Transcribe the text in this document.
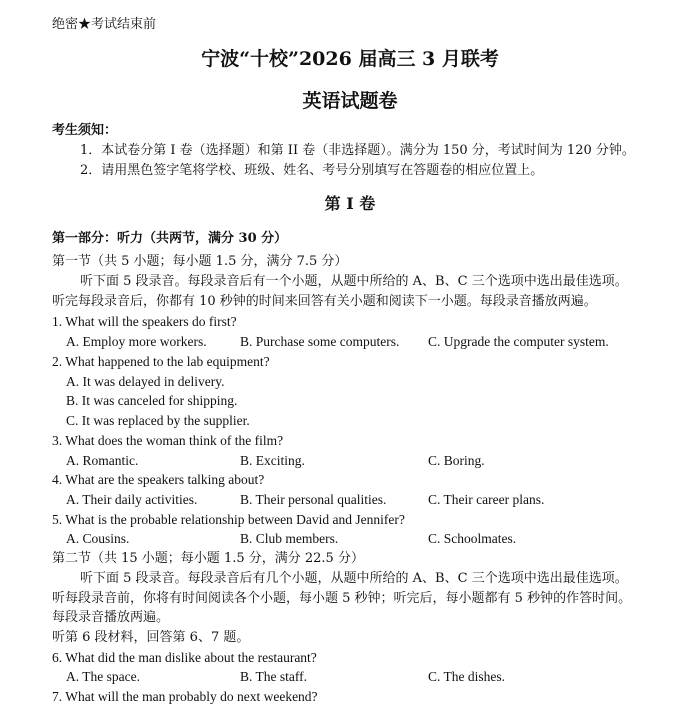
绝密★考试结束前
宁波“十校”2026 届高三 3 月联考
英语试题卷
考生须知：
1．本试卷分第 I 卷（选择题）和第 II 卷（非选择题）。满分为 150 分，考试时间为 120 分钟。
2．请用黑色签字笔将学校、班级、姓名、考号分别填写在答题卷的相应位置上。
第 I 卷
第一部分：听力（共两节，满分 30 分）
第一节（共 5 小题；每小题 1.5 分，满分 7.5 分）
听下面 5 段录音。每段录音后有一个小题，从题中所给的 A、B、C 三个选项中选出最佳选项。
听完每段录音后，你都有 10 秒钟的时间来回答有关小题和阅读下一小题。每段录音播放两遍。
1. What will the speakers do first?
A. Employ more workers. B. Purchase some computers. C. Upgrade the computer system.
2. What happened to the lab equipment?
A. It was delayed in delivery.
B. It was canceled for shipping.
C. It was replaced by the supplier.
3. What does the woman think of the film?
A. Romantic.	B. Exciting.	C. Boring.
4. What are the speakers talking about?
A. Their daily activities.	B. Their personal qualities.	C. Their career plans.
5. What is the probable relationship between David and Jennifer?
A. Cousins.	B. Club members.	C. Schoolmates.
第二节（共 15 小题；每小题 1.5 分，满分 22.5 分）
听下面 5 段录音。每段录音后有几个小题，从题中所给的 A、B、C 三个选项中选出最佳选项。
听每段录音前，你将有时间阅读各个小题，每小题 5 秒钟；听完后，每小题都有 5 秒钟的作答时间。
每段录音播放两遍。
听第 6 段材料，回答第 6、7 题。
6. What did the man dislike about the restaurant?
A. The space.	B. The staff.	C. The dishes.
7. What will the man probably do next weekend?
